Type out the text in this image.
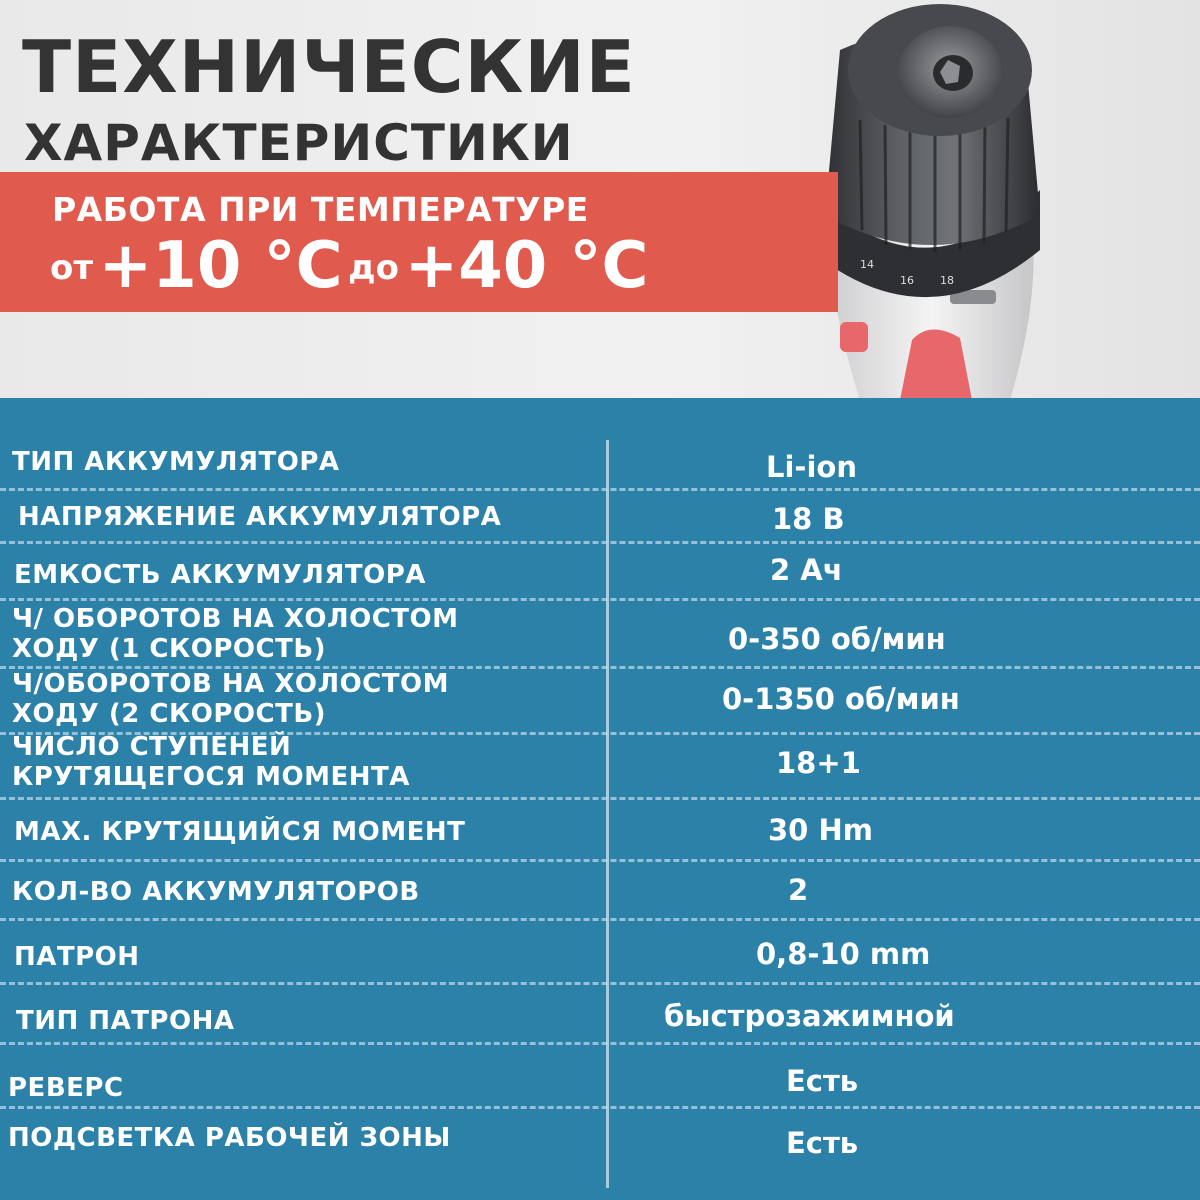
14
16 18
ТЕХНИЧЕСКИЕ
ХАРАКТЕРИСТИКИ
РАБОТА ПРИ ТЕМПЕРАТУРЕ
от +10 °C до +40 °C
ТИП АККУМУЛЯТОРА	Li-ion
НАПРЯЖЕНИЕ АККУМУЛЯТОРА	18 В
ЕМКОСТЬ АККУМУЛЯТОРА	2 Ач
Ч/ ОБОРОТОВ НА ХОЛОСТОМ
ХОДУ (1 СКОРОСТЬ)	0-350 об/мин
Ч/ОБОРОТОВ НА ХОЛОСТОМ
ХОДУ (2 СКОРОСТЬ)	0-1350 об/мин
ЧИСЛО СТУПЕНЕЙ
КРУТЯЩЕГОСЯ МОМЕНТА	18+1
МАХ. КРУТЯЩИЙСЯ МОМЕНТ	30 Hm
КОЛ-ВО АККУМУЛЯТОРОВ	2
ПАТРОН	0,8-10 mm
ТИП ПАТРОНА	быстрозажимной
РЕВЕРС	Есть
ПОДСВЕТКА РАБОЧЕЙ ЗОНЫ	Есть
